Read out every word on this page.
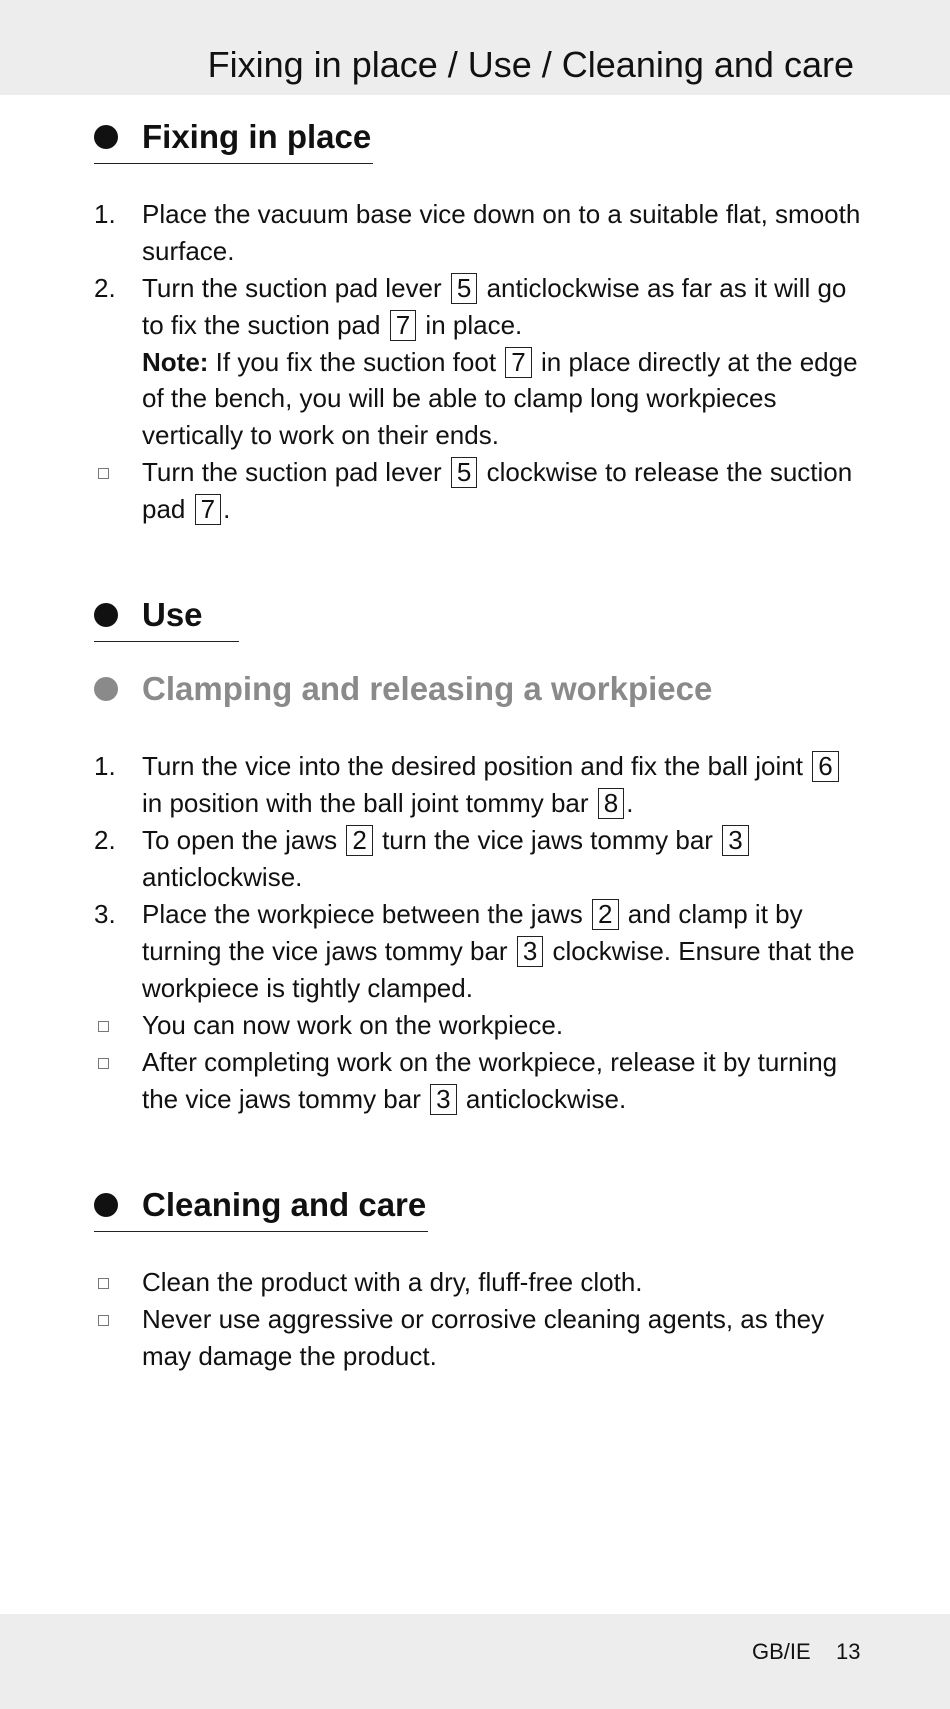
Fixing in place / Use / Cleaning and care
Fixing in place
1.	Place the vacuum base vice down on to a suitable flat, smooth surface.
2.	Turn the suction pad lever 5 anticlockwise as far as it will go to fix the suction pad 7 in place.
Note: If you fix the suction foot 7 in place directly at the edge of the bench, you will be able to clamp long workpieces vertically to work on their ends.
Turn the suction pad lever 5 clockwise to release the suction pad 7 .
Use
Clamping and releasing a workpiece
1.	Turn the vice into the desired position and fix the ball joint 6 in position with the ball joint tommy bar 8 .
2.	To open the jaws 2 turn the vice jaws tommy bar 3 anticlockwise.
3.	Place the workpiece between the jaws 2 and clamp it by turning the vice jaws tommy bar 3 clockwise. Ensure that the workpiece is tightly clamped.
You can now work on the workpiece.
After completing work on the workpiece, release it by turning the vice jaws tommy bar 3 anticlockwise.
Cleaning and care
Clean the product with a dry, fluff-free cloth.
Never use aggressive or corrosive cleaning agents, as they may damage the product.
GB/IE 13
